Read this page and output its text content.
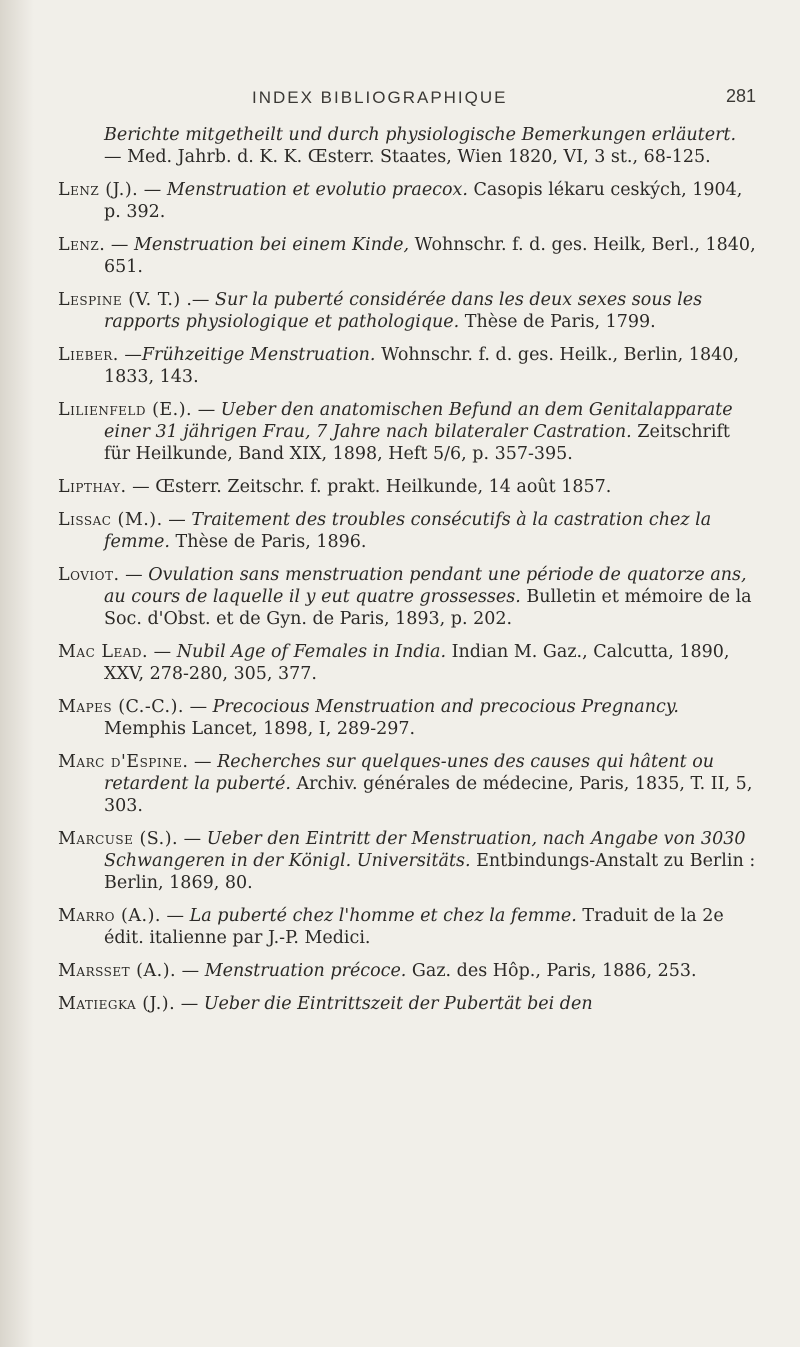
INDEX BIBLIOGRAPHIQUE	281
Berichte mitgetheilt und durch physiologische Bemerkungen erläutert. — Med. Jahrb. d. K. K. Œsterr. Staates, Wien 1820, VI, 3 st., 68-125.
Lenz (J.). — Menstruation et evolutio praecox. Casopis lékaru ceských, 1904, p. 392.
Lenz. — Menstruation bei einem Kinde, Wohnschr. f. d. ges. Heilk, Berl., 1840, 651.
Lespine (V. T.) .— Sur la puberté considérée dans les deux sexes sous les rapports physiologique et pathologique. Thèse de Paris, 1799.
Lieber. —Frühzeitige Menstruation. Wohnschr. f. d. ges. Heilk., Berlin, 1840, 1833, 143.
Lilienfeld (E.). — Ueber den anatomischen Befund an dem Genitalapparate einer 31 jährigen Frau, 7 Jahre nach bilateraler Castration. Zeitschrift für Heilkunde, Band XIX, 1898, Heft 5/6, p. 357-395.
Lipthay. — Œsterr. Zeitschr. f. prakt. Heilkunde, 14 août 1857.
Lissac (M.). — Traitement des troubles consécutifs à la castration chez la femme. Thèse de Paris, 1896.
Loviot. — Ovulation sans menstruation pendant une période de quatorze ans, au cours de laquelle il y eut quatre grossesses. Bulletin et mémoire de la Soc. d'Obst. et de Gyn. de Paris, 1893, p. 202.
Mac Lead. — Nubil Age of Females in India. Indian M. Gaz., Calcutta, 1890, XXV, 278-280, 305, 377.
Mapes (C.-C.). — Precocious Menstruation and precocious Pregnancy. Memphis Lancet, 1898, I, 289-297.
Marc d'Espine. — Recherches sur quelques-unes des causes qui hâtent ou retardent la puberté. Archiv. générales de médecine, Paris, 1835, T. II, 5, 303.
Marcuse (S.). — Ueber den Eintritt der Menstruation, nach Angabe von 3030 Schwangeren in der Königl. Universitäts. Entbindungs-Anstalt zu Berlin : Berlin, 1869, 80.
Marro (A.). — La puberté chez l'homme et chez la femme. Traduit de la 2e édit. italienne par J.-P. Medici.
Marsset (A.). — Menstruation précoce. Gaz. des Hôp., Paris, 1886, 253.
Matiegka (J.). — Ueber die Eintrittszeit der Pubertät bei den
